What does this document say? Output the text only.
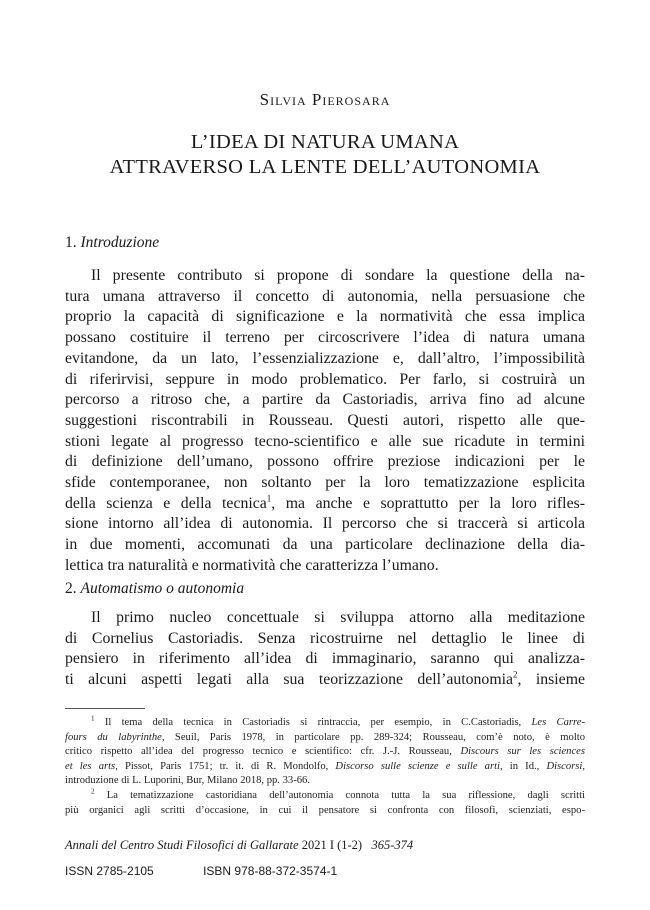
Silvia Pierosara
L’IDEA DI NATURA UMANA
ATTRAVERSO LA LENTE DELL’AUTONOMIA
1. Introduzione
Il presente contributo si propone di sondare la questione della na-
tura umana attraverso il concetto di autonomia, nella persuasione che
proprio la capacità di significazione e la normatività che essa implica
possano costituire il terreno per circoscrivere l’idea di natura umana
evitandone, da un lato, l’essenzializzazione e, dall’altro, l’impossibilità
di riferirvisi, seppure in modo problematico. Per farlo, si costruirà un
percorso a ritroso che, a partire da Castoriadis, arriva fino ad alcune
suggestioni riscontrabili in Rousseau. Questi autori, rispetto alle que-
stioni legate al progresso tecno-scientifico e alle sue ricadute in termini
di definizione dell’umano, possono offrire preziose indicazioni per le
sfide contemporanee, non soltanto per la loro tematizzazione esplicita
della scienza e della tecnica$^1$, ma anche e soprattutto per la loro rifles-
sione intorno all’idea di autonomia. Il percorso che si traccerà si articola
in due momenti, accomunati da una particolare declinazione della dia-
lettica tra naturalità e normatività che caratterizza l’umano.
2. Automatismo o autonomia
Il primo nucleo concettuale si sviluppa attorno alla meditazione
di Cornelius Castoriadis. Senza ricostruirne nel dettaglio le linee di
pensiero in riferimento all’idea di immaginario, saranno qui analizza-
ti alcuni aspetti legati alla sua teorizzazione dell’autonomia$^2$, insieme
$^1$ Il tema della tecnica in Castoriadis si rintraccia, per esempio, in C.Castoriadis, Les Carre-
fours du labyrinthe, Seuil, Paris 1978, in particolare pp. 289-324; Rousseau, com’è noto, è molto
critico rispetto all’idea del progresso tecnico e scientifico: cfr. J.-J. Rousseau, Discours sur les sciences
et les arts, Pissot, Paris 1751; tr. it. di R. Mondolfo, Discorso sulle scienze e sulle arti, in Id., Discorsi,
introduzione di L. Luporini, Bur, Milano 2018, pp. 33-66.
$^2$ La tematizzazione castoridiana dell’autonomia connota tutta la sua riflessione, dagli scritti
più organici agli scritti d’occasione, in cui il pensatore si confronta con filosofi, scienziati, espo-
Annali del Centro Studi Filosofici di Gallarate 2021 I (1-2) 365-374
ISSN 2785-2105	ISBN 978-88-372-3574-1
